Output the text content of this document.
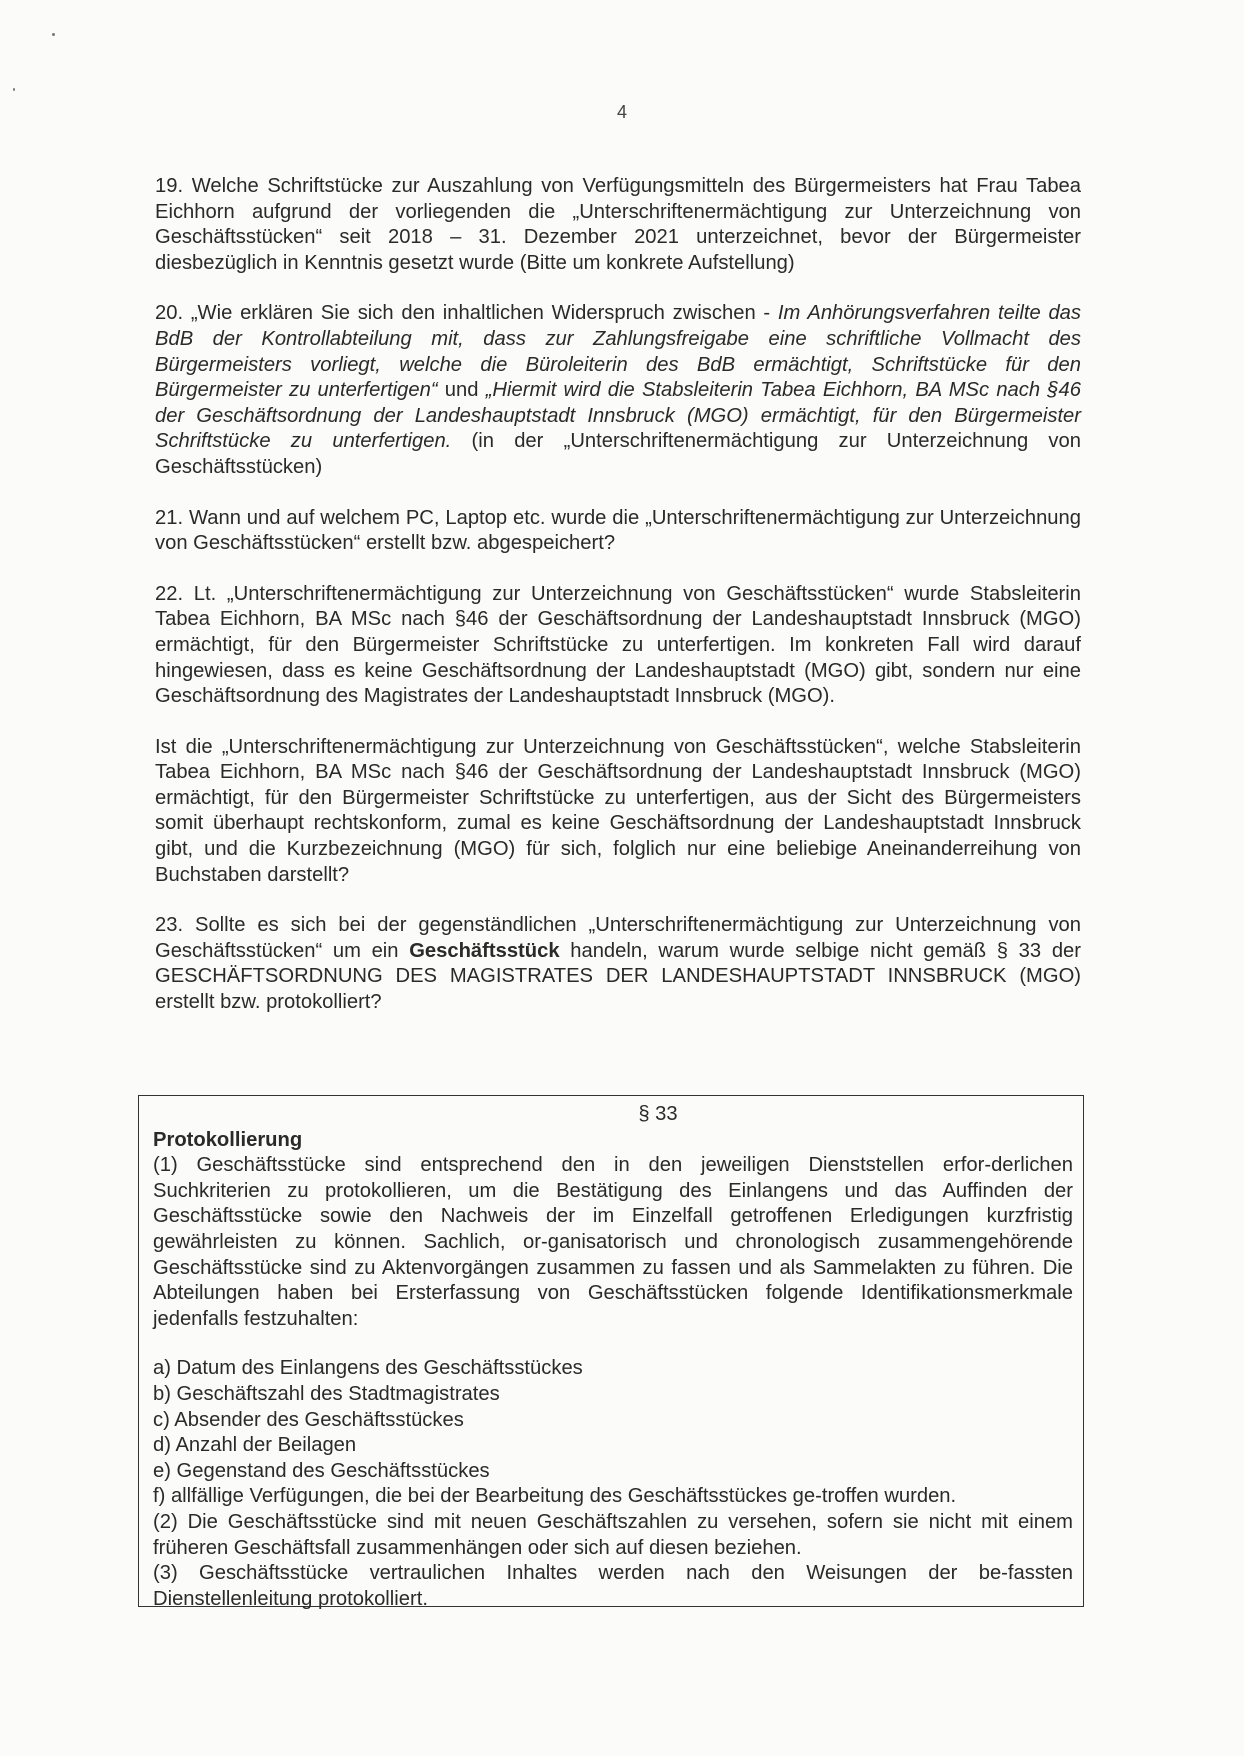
4

19. Welche Schriftstücke zur Auszahlung von Verfügungsmitteln des Bürgermeisters hat Frau Tabea Eichhorn aufgrund der vorliegenden die „Unterschriftenermächtigung zur Unterzeichnung von Geschäftsstücken“ seit 2018 – 31. Dezember 2021 unterzeichnet, bevor der Bürgermeister diesbezüglich in Kenntnis gesetzt wurde (Bitte um konkrete Aufstellung)

20. „Wie erklären Sie sich den inhaltlichen Widerspruch zwischen - Im Anhörungsverfahren teilte das BdB der Kontrollabteilung mit, dass zur Zahlungsfreigabe eine schriftliche Vollmacht des Bürgermeisters vorliegt, welche die Büroleiterin des BdB ermächtigt, Schriftstücke für den Bürgermeister zu unterfertigen“ und „Hiermit wird die Stabsleiterin Tabea Eichhorn, BA MSc nach §46 der Geschäftsordnung der Landeshauptstadt Innsbruck (MGO) ermächtigt, für den Bürgermeister Schriftstücke zu unterfertigen. (in der „Unterschriftenermächtigung zur Unterzeichnung von Geschäftsstücken)

21. Wann und auf welchem PC, Laptop etc. wurde die „Unterschriftenermächtigung zur Unterzeichnung von Geschäftsstücken“ erstellt bzw. abgespeichert?

22. Lt. „Unterschriftenermächtigung zur Unterzeichnung von Geschäftsstücken“ wurde Stabsleiterin Tabea Eichhorn, BA MSc nach §46 der Geschäftsordnung der Landeshauptstadt Innsbruck (MGO) ermächtigt, für den Bürgermeister Schriftstücke zu unterfertigen. Im konkreten Fall wird darauf hingewiesen, dass es keine Geschäftsordnung der Landeshauptstadt (MGO) gibt, sondern nur eine Geschäftsordnung des Magistrates der Landeshauptstadt Innsbruck (MGO).

Ist die „Unterschriftenermächtigung zur Unterzeichnung von Geschäftsstücken“, welche Stabsleiterin Tabea Eichhorn, BA MSc nach §46 der Geschäftsordnung der Landeshauptstadt Innsbruck (MGO) ermächtigt, für den Bürgermeister Schriftstücke zu unterfertigen, aus der Sicht des Bürgermeisters somit überhaupt rechtskonform, zumal es keine Geschäftsordnung der Landeshauptstadt Innsbruck gibt, und die Kurzbezeichnung (MGO) für sich, folglich nur eine beliebige Aneinanderreihung von Buchstaben darstellt?

23. Sollte es sich bei der gegenständlichen „Unterschriftenermächtigung zur Unterzeichnung von Geschäftsstücken“ um ein Geschäftsstück handeln, warum wurde selbige nicht gemäß § 33 der GESCHÄFTSORDNUNG DES MAGISTRATES DER LANDESHAUPTSTADT INNSBRUCK (MGO) erstellt bzw. protokolliert?

§ 33
Protokollierung

(1) Geschäftsstücke sind entsprechend den in den jeweiligen Dienststellen erfor-derlichen Suchkriterien zu protokollieren, um die Bestätigung des Einlangens und das Auffinden der Geschäftsstücke sowie den Nachweis der im Einzelfall getroffenen Erledigungen kurzfristig gewährleisten zu können. Sachlich, or-ganisatorisch und chronologisch zusammengehörende Geschäftsstücke sind zu Aktenvorgängen zusammen zu fassen und als Sammelakten zu führen. Die Abteilungen haben bei Ersterfassung von Geschäftsstücken folgende Identifikationsmerkmale jedenfalls festzuhalten:

a) Datum des Einlangens des Geschäftsstückes
b) Geschäftszahl des Stadtmagistrates
c) Absender des Geschäftsstückes
d) Anzahl der Beilagen
e) Gegenstand des Geschäftsstückes
f) allfällige Verfügungen, die bei der Bearbeitung des Geschäftsstückes ge-troffen wurden.

(2) Die Geschäftsstücke sind mit neuen Geschäftszahlen zu versehen, sofern sie nicht mit einem früheren Geschäftsfall zusammenhängen oder sich auf diesen beziehen.

(3) Geschäftsstücke vertraulichen Inhaltes werden nach den Weisungen der be-fassten Dienstellenleitung protokolliert.
